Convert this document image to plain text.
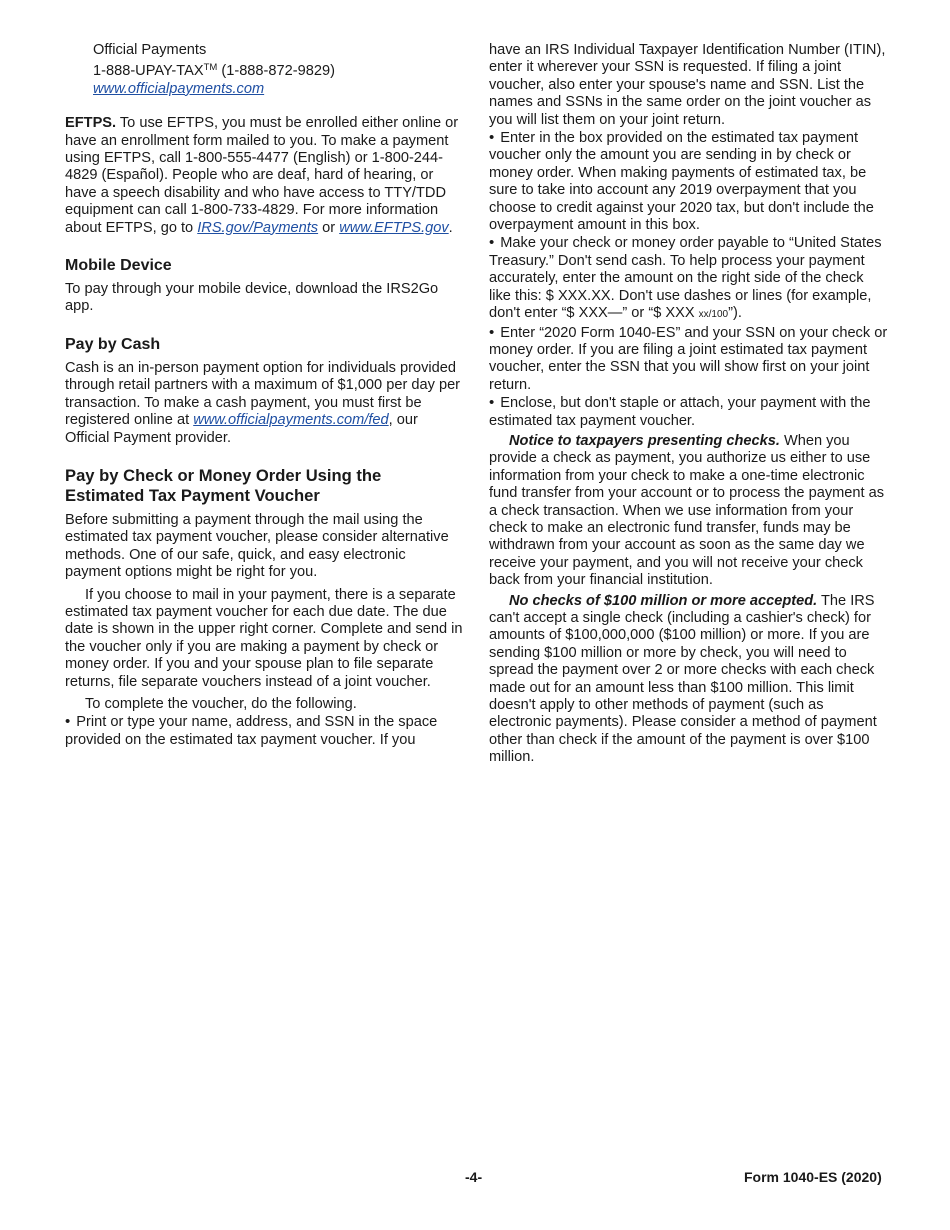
Official Payments

1-888-UPAY-TAX™ (1-888-872-9829)

www.officialpayments.com

EFTPS. To use EFTPS, you must be enrolled either online or have an enrollment form mailed to you. To make a payment using EFTPS, call 1-800-555-4477 (English) or 1-800-244-4829 (Español). People who are deaf, hard of hearing, or have a speech disability and who have access to TTY/TDD equipment can call 1-800-733-4829. For more information about EFTPS, go to IRS.gov/Payments or www.EFTPS.gov.

Mobile Device

To pay through your mobile device, download the IRS2Go app.

Pay by Cash

Cash is an in-person payment option for individuals provided through retail partners with a maximum of $1,000 per day per transaction. To make a cash payment, you must first be registered online at www.officialpayments.com/fed, our Official Payment provider.

Pay by Check or Money Order Using the Estimated Tax Payment Voucher

Before submitting a payment through the mail using the estimated tax payment voucher, please consider alternative methods. One of our safe, quick, and easy electronic payment options might be right for you.

If you choose to mail in your payment, there is a separate estimated tax payment voucher for each due date. The due date is shown in the upper right corner. Complete and send in the voucher only if you are making a payment by check or money order. If you and your spouse plan to file separate returns, file separate vouchers instead of a joint voucher.

To complete the voucher, do the following.

• Print or type your name, address, and SSN in the space provided on the estimated tax payment voucher. If you

have an IRS Individual Taxpayer Identification Number (ITIN), enter it wherever your SSN is requested. If filing a joint voucher, also enter your spouse's name and SSN. List the names and SSNs in the same order on the joint voucher as you will list them on your joint return.

• Enter in the box provided on the estimated tax payment voucher only the amount you are sending in by check or money order. When making payments of estimated tax, be sure to take into account any 2019 overpayment that you choose to credit against your 2020 tax, but don't include the overpayment amount in this box.

• Make your check or money order payable to “United States Treasury.” Don't send cash. To help process your payment accurately, enter the amount on the right side of the check like this: $ XXX.XX. Don't use dashes or lines (for example, don't enter “$ XXX—” or “$ XXX xx/100”).

• Enter “2020 Form 1040-ES” and your SSN on your check or money order. If you are filing a joint estimated tax payment voucher, enter the SSN that you will show first on your joint return.

• Enclose, but don't staple or attach, your payment with the estimated tax payment voucher.

Notice to taxpayers presenting checks. When you provide a check as payment, you authorize us either to use information from your check to make a one-time electronic fund transfer from your account or to process the payment as a check transaction. When we use information from your check to make an electronic fund transfer, funds may be withdrawn from your account as soon as the same day we receive your payment, and you will not receive your check back from your financial institution.

No checks of $100 million or more accepted. The IRS can't accept a single check (including a cashier's check) for amounts of $100,000,000 ($100 million) or more. If you are sending $100 million or more by check, you will need to spread the payment over 2 or more checks with each check made out for an amount less than $100 million. This limit doesn't apply to other methods of payment (such as electronic payments). Please consider a method of payment other than check if the amount of the payment is over $100 million.

-4-	Form 1040-ES (2020)
